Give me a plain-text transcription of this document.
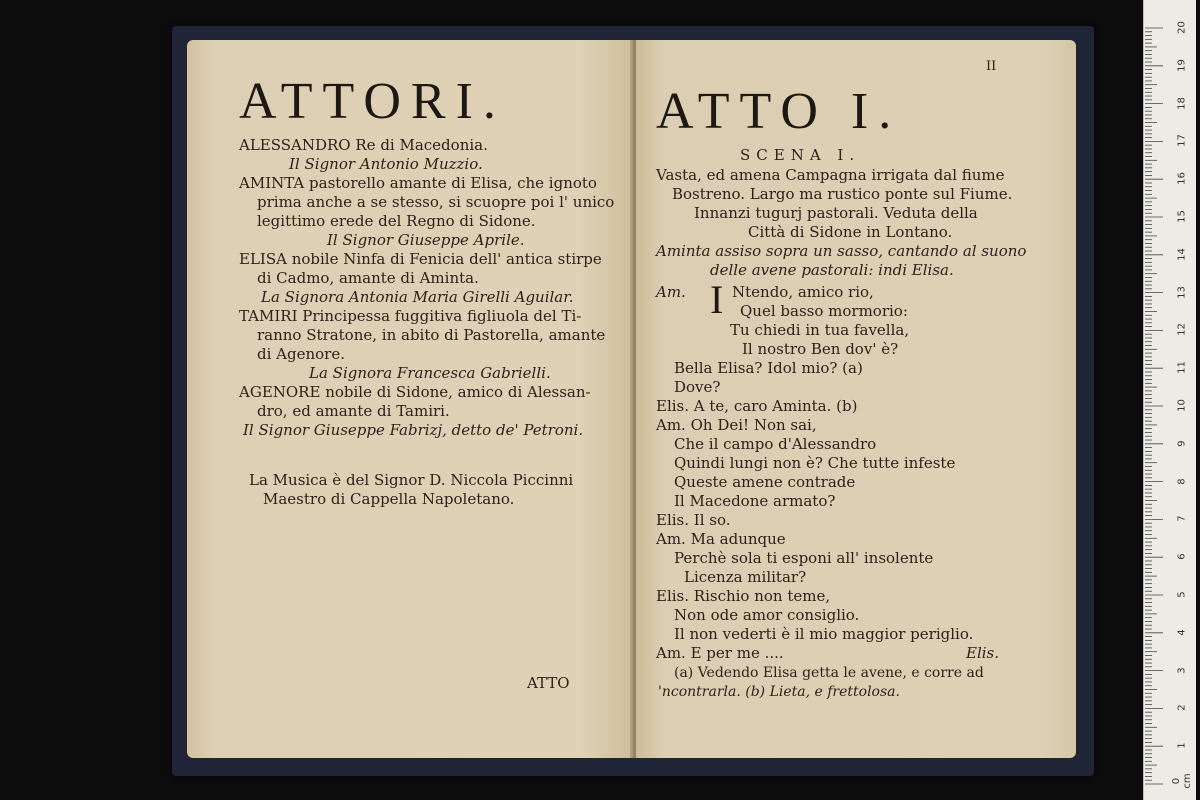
ATTORI.
ALESSANDRO Re di Macedonia.
Il Signor Antonio Muzzio.
AMINTA pastorello amante di Elisa, che ignoto
prima anche a se stesso, si scuopre poi l' unico
legittimo erede del Regno di Sidone.
Il Signor Giuseppe Aprile.
ELISA nobile Ninfa di Fenicia dell' antica stirpe
di Cadmo, amante di Aminta.
La Signora Antonia Maria Girelli Aguilar.
TAMIRI Principessa fuggitiva figliuola del Ti-
ranno Stratone, in abito di Pastorella, amante
di Agenore.
La Signora Francesca Gabrielli.
AGENORE nobile di Sidone, amico di Alessan-
dro, ed amante di Tamiri.
Il Signor Giuseppe Fabrizj, detto de' Petroni.
La Musica è del Signor D. Niccola Piccinni
Maestro di Cappella Napoletano.
ATTO
II
ATTO I.
SCENA I.
Vasta, ed amena Campagna irrigata dal fiume
Bostreno. Largo ma rustico ponte sul Fiume.
Innanzi tugurj pastorali. Veduta della
Città di Sidone in Lontano.
Aminta assiso sopra un sasso, cantando al suono
delle avene pastorali: indi Elisa.
Am. I Ntendo, amico rio,
Quel basso mormorio:
Tu chiedi in tua favella,
Il nostro Ben dov' è?
Bella Elisa? Idol mio? (a)
Dove?
Elis. A te, caro Aminta. (b)
Am. Oh Dei! Non sai,
Che il campo d'Alessandro
Quindi lungi non è? Che tutte infeste
Queste amene contrade
Il Macedone armato?
Elis. Il so.
Am. Ma adunque
Perchè sola ti esponi all' insolente
Licenza militar?
Elis. Rischio non teme,
Non ode amor consiglio.
Il non vederti è il mio maggior periglio.
Am. E per me ....	Elis.
(a) Vedendo Elisa getta le avene, e corre ad
'ncontrarla. (b) Lieta, e frettolosa.
0 cm
1
2
3
4
5
6
7
8
9
10
11
12
13
14
15
16
17
18
19
20
